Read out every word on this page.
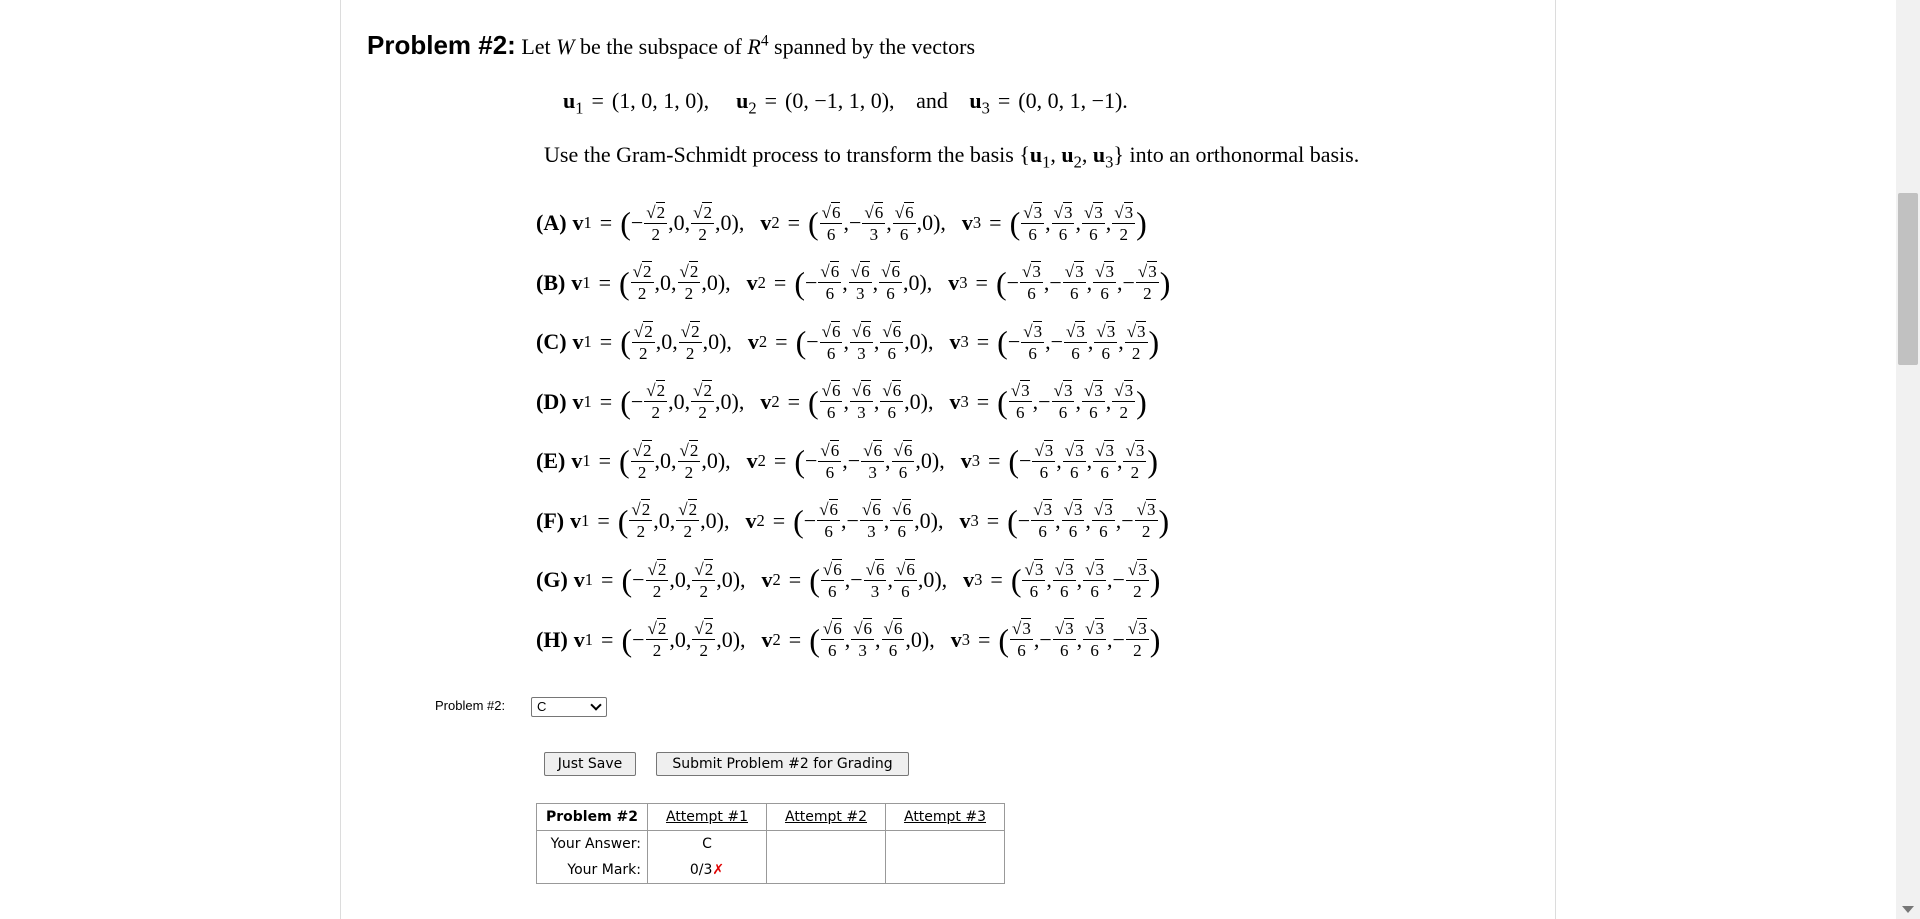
Problem #2: Let W be the subspace of $R^4$ spanned by the vectors
$u_1 = (1$, 0, 1, 0), $u_2 = (0$, −1, 1, 0), and $u_3 = (0$, 0, 1, −1).
Use the Gram-Schmidt process to transform the basis {$u_1$, $u_2$, $u_3$} into an orthonormal basis.
(A) v 1 = ( − $\frac{√2}{2}$ , 0, $\frac{√2}{2}$ , 0) , v 2 = ( $\frac{√6}{6}$ , − $\frac{√6}{3}$ , $\frac{√6}{6}$ , 0) , v 3 = ( $\frac{√3}{6}$ , $\frac{√3}{6}$ , $\frac{√3}{6}$ , $\frac{√3}{2}$ )
(B) v 1 = ( $\frac{√2}{2}$ , 0, $\frac{√2}{2}$ , 0) , v 2 = ( − $\frac{√6}{6}$ , $\frac{√6}{3}$ , $\frac{√6}{6}$ , 0) , v 3 = ( − $\frac{√3}{6}$ , − $\frac{√3}{6}$ , $\frac{√3}{6}$ , − $\frac{√3}{2}$ )
(C) v 1 = ( $\frac{√2}{2}$ , 0, $\frac{√2}{2}$ , 0) , v 2 = ( − $\frac{√6}{6}$ , $\frac{√6}{3}$ , $\frac{√6}{6}$ , 0) , v 3 = ( − $\frac{√3}{6}$ , − $\frac{√3}{6}$ , $\frac{√3}{6}$ , $\frac{√3}{2}$ )
(D) v 1 = ( − $\frac{√2}{2}$ , 0, $\frac{√2}{2}$ , 0) , v 2 = ( $\frac{√6}{6}$ , $\frac{√6}{3}$ , $\frac{√6}{6}$ , 0) , v 3 = ( $\frac{√3}{6}$ , − $\frac{√3}{6}$ , $\frac{√3}{6}$ , $\frac{√3}{2}$ )
(E) v 1 = ( $\frac{√2}{2}$ , 0, $\frac{√2}{2}$ , 0) , v 2 = ( − $\frac{√6}{6}$ , − $\frac{√6}{3}$ , $\frac{√6}{6}$ , 0) , v 3 = ( − $\frac{√3}{6}$ , $\frac{√3}{6}$ , $\frac{√3}{6}$ , $\frac{√3}{2}$ )
(F) v 1 = ( $\frac{√2}{2}$ , 0, $\frac{√2}{2}$ , 0) , v 2 = ( − $\frac{√6}{6}$ , − $\frac{√6}{3}$ , $\frac{√6}{6}$ , 0) , v 3 = ( − $\frac{√3}{6}$ , $\frac{√3}{6}$ , $\frac{√3}{6}$ , − $\frac{√3}{2}$ )
(G) v 1 = ( − $\frac{√2}{2}$ , 0, $\frac{√2}{2}$ , 0) , v 2 = ( $\frac{√6}{6}$ , − $\frac{√6}{3}$ , $\frac{√6}{6}$ , 0) , v 3 = ( $\frac{√3}{6}$ , $\frac{√3}{6}$ , $\frac{√3}{6}$ , − $\frac{√3}{2}$ )
(H) v 1 = ( − $\frac{√2}{2}$ , 0, $\frac{√2}{2}$ , 0) , v 2 = ( $\frac{√6}{6}$ , $\frac{√6}{3}$ , $\frac{√6}{6}$ , 0) , v 3 = ( $\frac{√3}{6}$ , − $\frac{√3}{6}$ , $\frac{√3}{6}$ , − $\frac{√3}{2}$ )
Problem #2:	C
Just Save	Submit Problem #2 for Grading
Problem #2	Attempt #1	Attempt #2	Attempt #3
Your Answer:	C		
Your Mark:	0/3✗		
